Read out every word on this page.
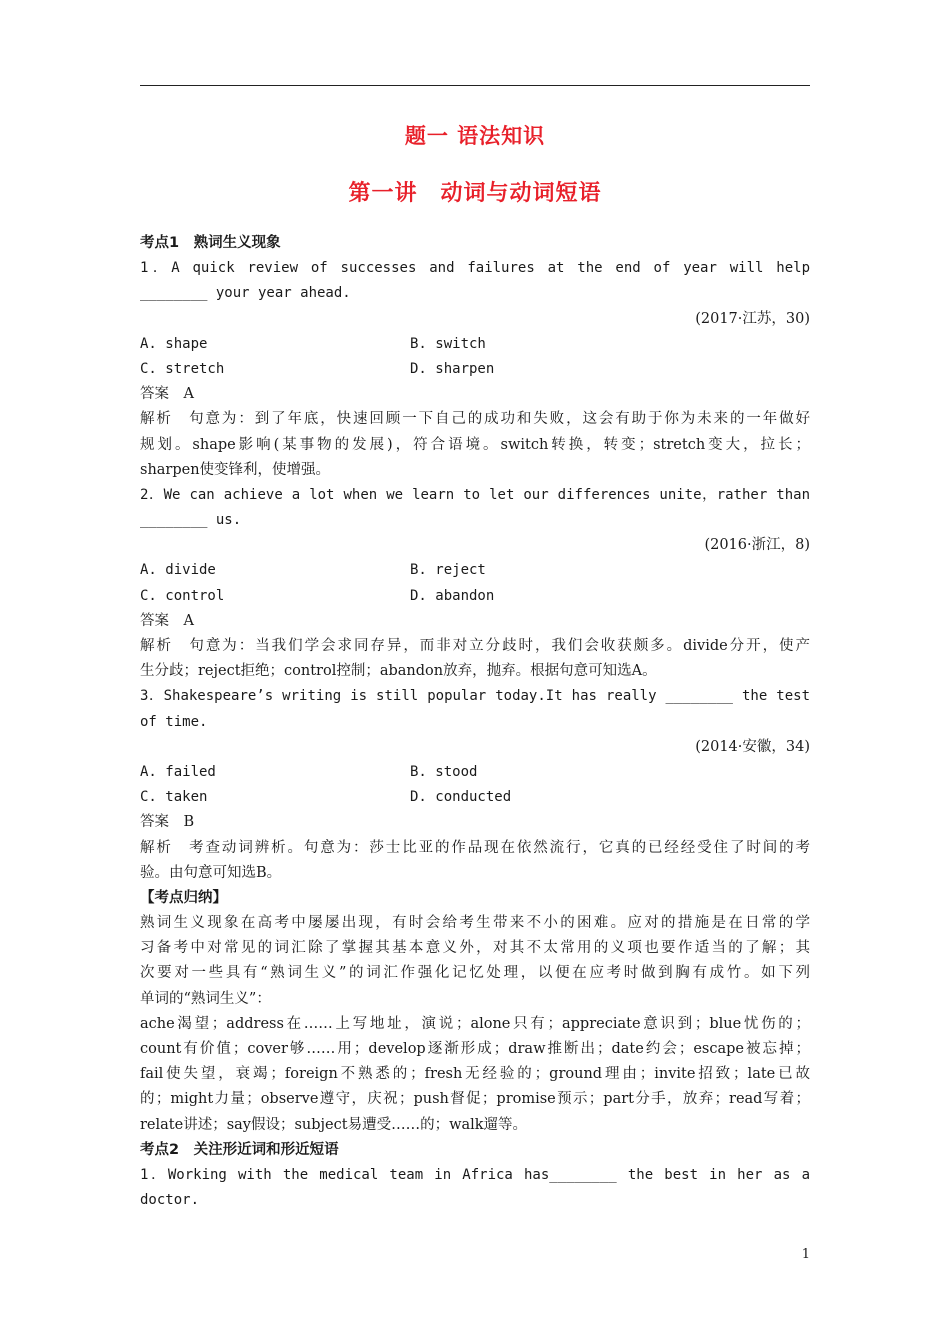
题一 语法知识
第一讲　动词与动词短语
考点1　熟词生义现象
1．A quick review of successes and failures at the end of year will help
________ your year ahead.
(2017·江苏，30)
A. shape	B. switch
C. stretch	D. sharpen
答案　A
解析　句意为：到了年底，快速回顾一下自己的成功和失败，这会有助于你为未来的一年做好
规划。shape影响(某事物的发展)，符合语境。switch转换，转变；stretch变大，拉长；
sharpen使变锋利，使增强。
2．We can achieve a lot when we learn to let our differences unite，rather than
________ us.
(2016·浙江，8)
A. divide	B. reject
C. control	D. abandon
答案　A
解析　句意为：当我们学会求同存异，而非对立分歧时，我们会收获颇多。divide分开，使产
生分歧；reject拒绝；control控制；abandon放弃，抛弃。根据句意可知选A。
3．Shakespeare’s writing is still popular today.It has really ________ the test
of time.
(2014·安徽，34)
A. failed	B. stood
C. taken	D. conducted
答案　B
解析　考查动词辨析。句意为：莎士比亚的作品现在依然流行，它真的已经经受住了时间的考
验。由句意可知选B。
【考点归纳】
熟词生义现象在高考中屡屡出现，有时会给考生带来不小的困难。应对的措施是在日常的学
习备考中对常见的词汇除了掌握其基本意义外，对其不太常用的义项也要作适当的了解；其
次要对一些具有“熟词生义”的词汇作强化记忆处理，以便在应考时做到胸有成竹。如下列
单词的“熟词生义”：
ache渴望；address在……上写地址，演说；alone只有；appreciate意识到；blue忧伤的；
count有价值；cover够……用；develop逐渐形成；draw推断出；date约会；escape被忘掉；
fail使失望，衰竭；foreign不熟悉的；fresh无经验的；ground理由；invite招致；late已故
的；might力量；observe遵守，庆祝；push督促；promise预示；part分手，放弃；read写着；
relate讲述；say假设；subject易遭受……的；walk遛等。
考点2　关注形近词和形近短语
1．Working with the medical team in Africa has________ the best in her as a
doctor.
1
